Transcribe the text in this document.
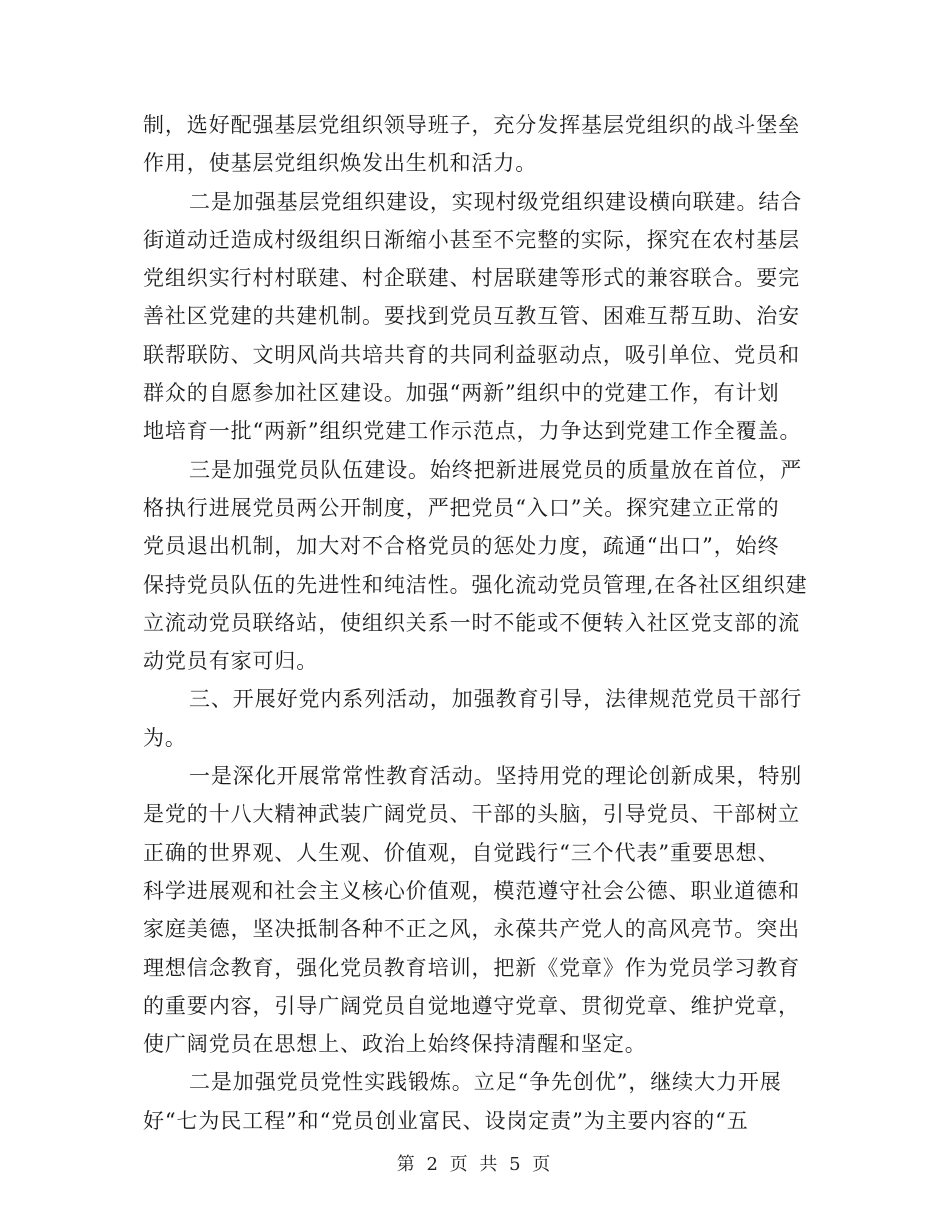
制，选好配强基层党组织领导班子，充分发挥基层党组织的战斗堡垒
作用，使基层党组织焕发出生机和活力。
二是加强基层党组织建设，实现村级党组织建设横向联建。结合
街道动迁造成村级组织日渐缩小甚至不完整的实际，探究在农村基层
党组织实行村村联建、村企联建、村居联建等形式的兼容联合。要完
善社区党建的共建机制。要找到党员互教互管、困难互帮互助、治安
联帮联防、文明风尚共培共育的共同利益驱动点，吸引单位、党员和
群众的自愿参加社区建设。加强“两新”组织中的党建工作，有计划
地培育一批“两新”组织党建工作示范点，力争达到党建工作全覆盖。
三是加强党员队伍建设。始终把新进展党员的质量放在首位，严
格执行进展党员两公开制度，严把党员“入口”关。探究建立正常的
党员退出机制，加大对不合格党员的惩处力度，疏通“出口”，始终
保持党员队伍的先进性和纯洁性。强化流动党员管理,在各社区组织建
立流动党员联络站，使组织关系一时不能或不便转入社区党支部的流
动党员有家可归。
三、开展好党内系列活动，加强教育引导，法律规范党员干部行
为。
一是深化开展常常性教育活动。坚持用党的理论创新成果，特别
是党的十八大精神武装广阔党员、干部的头脑，引导党员、干部树立
正确的世界观、人生观、价值观，自觉践行“三个代表”重要思想、
科学进展观和社会主义核心价值观，模范遵守社会公德、职业道德和
家庭美德，坚决抵制各种不正之风，永葆共产党人的高风亮节。突出
理想信念教育，强化党员教育培训，把新《党章》作为党员学习教育
的重要内容，引导广阔党员自觉地遵守党章、贯彻党章、维护党章，
使广阔党员在思想上、政治上始终保持清醒和坚定。
二是加强党员党性实践锻炼。立足“争先创优”，继续大力开展
好“七为民工程”和“党员创业富民、设岗定责”为主要内容的“五
第 2 页 共 5 页
